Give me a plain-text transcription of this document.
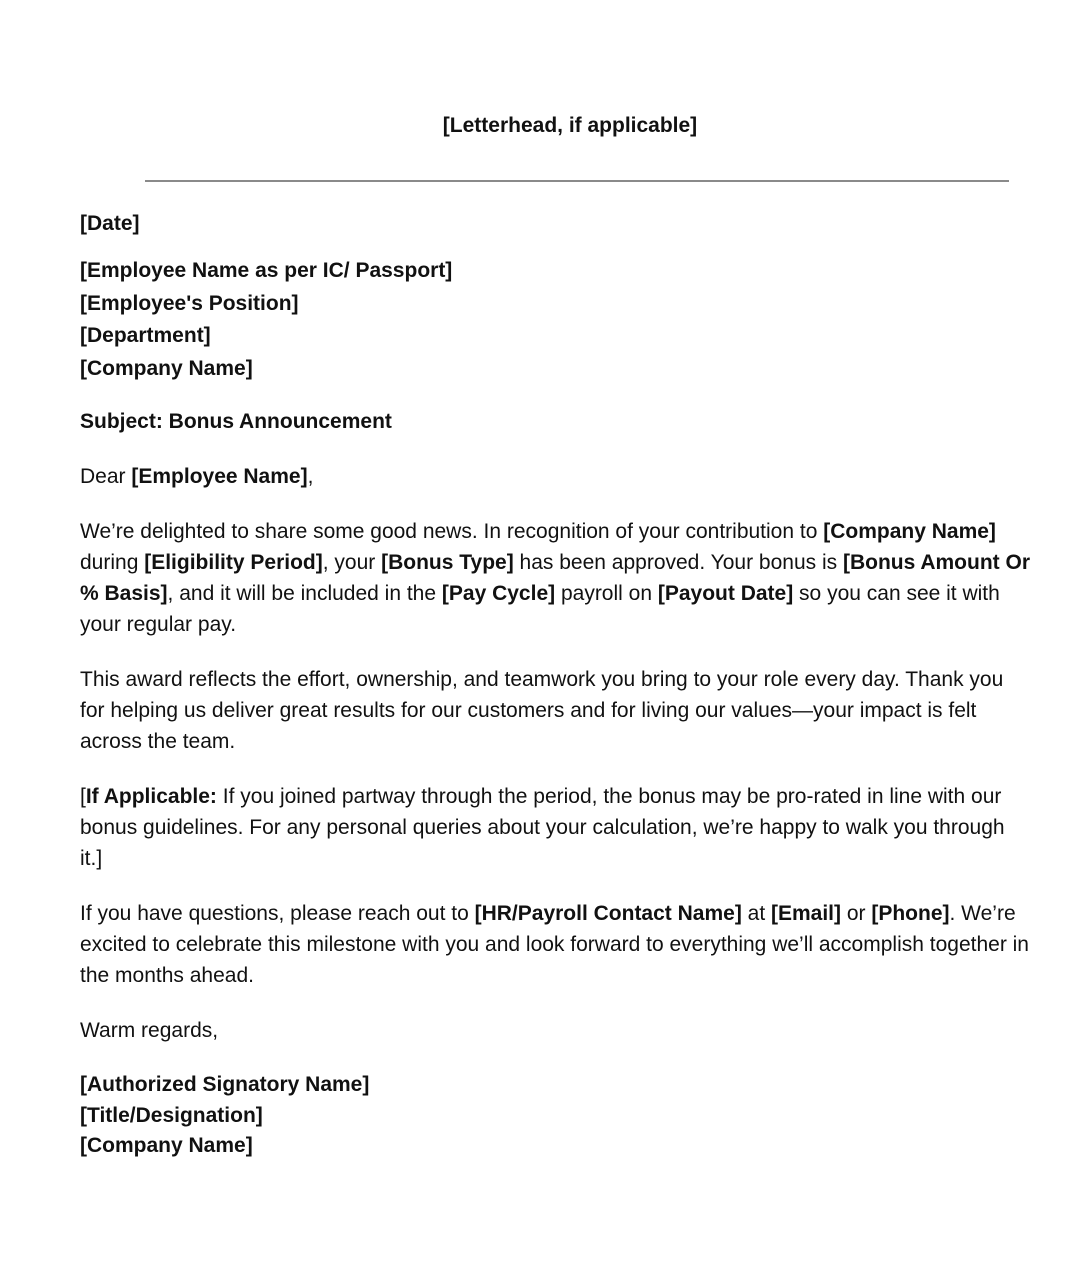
[Letterhead, if applicable]

[Date]

[Employee Name as per IC/ Passport]
[Employee's Position]
[Department]
[Company Name]

Subject: Bonus Announcement

Dear [Employee Name],

We’re delighted to share some good news. In recognition of your contribution to [Company Name] during [Eligibility Period], your [Bonus Type] has been approved. Your bonus is [Bonus Amount Or % Basis], and it will be included in the [Pay Cycle] payroll on [Payout Date] so you can see it with your regular pay.

This award reflects the effort, ownership, and teamwork you bring to your role every day. Thank you for helping us deliver great results for our customers and for living our values—your impact is felt across the team.

[If Applicable: If you joined partway through the period, the bonus may be pro-rated in line with our bonus guidelines. For any personal queries about your calculation, we’re happy to walk you through it.]

If you have questions, please reach out to [HR/Payroll Contact Name] at [Email] or [Phone]. We’re excited to celebrate this milestone with you and look forward to everything we’ll accomplish together in the months ahead.

Warm regards,

[Authorized Signatory Name]
[Title/Designation]
[Company Name]
